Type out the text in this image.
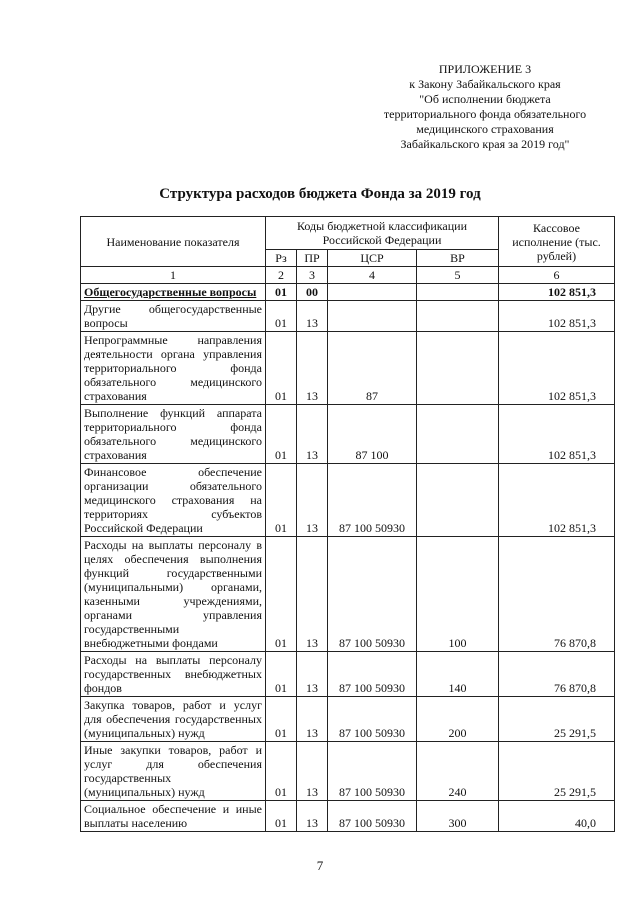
ПРИЛОЖЕНИЕ 3
к Закону Забайкальского края
"Об исполнении бюджета
территориального фонда обязательного
медицинского страхования
Забайкальского края за 2019 год"
Структура расходов бюджета Фонда за 2019 год
Наименование показателя	Коды бюджетной классификации Российской Федерации				Кассовое исполнение (тыс. рублей)
	Рз	ПР	ЦСР	ВР	
1	2	3	4	5	6
Общегосударственные вопросы	01	00			102 851,3
Другие общегосударственные вопросы	01	13			102 851,3
Непрограммные направления деятельности органа управления территориального фонда обязательного медицинского страхования	01	13	87		102 851,3
Выполнение функций аппарата территориального фонда обязательного медицинского страхования	01	13	87 100		102 851,3
Финансовое обеспечение организации обязательного медицинского страхования на территориях субъектов Российской Федерации	01	13	87 100 50930		102 851,3
Расходы на выплаты персоналу в целях обеспечения выполнения функций государственными (муниципальными) органами, казенными учреждениями, органами управления государственными внебюджетными фондами	01	13	87 100 50930	100	76 870,8
Расходы на выплаты персоналу государственных внебюджетных фондов	01	13	87 100 50930	140	76 870,8
Закупка товаров, работ и услуг для обеспечения государственных (муниципальных) нужд	01	13	87 100 50930	200	25 291,5
Иные закупки товаров, работ и услуг для обеспечения государственных (муниципальных) нужд	01	13	87 100 50930	240	25 291,5
Социальное обеспечение и иные выплаты населению	01	13	87 100 50930	300	40,0
7
